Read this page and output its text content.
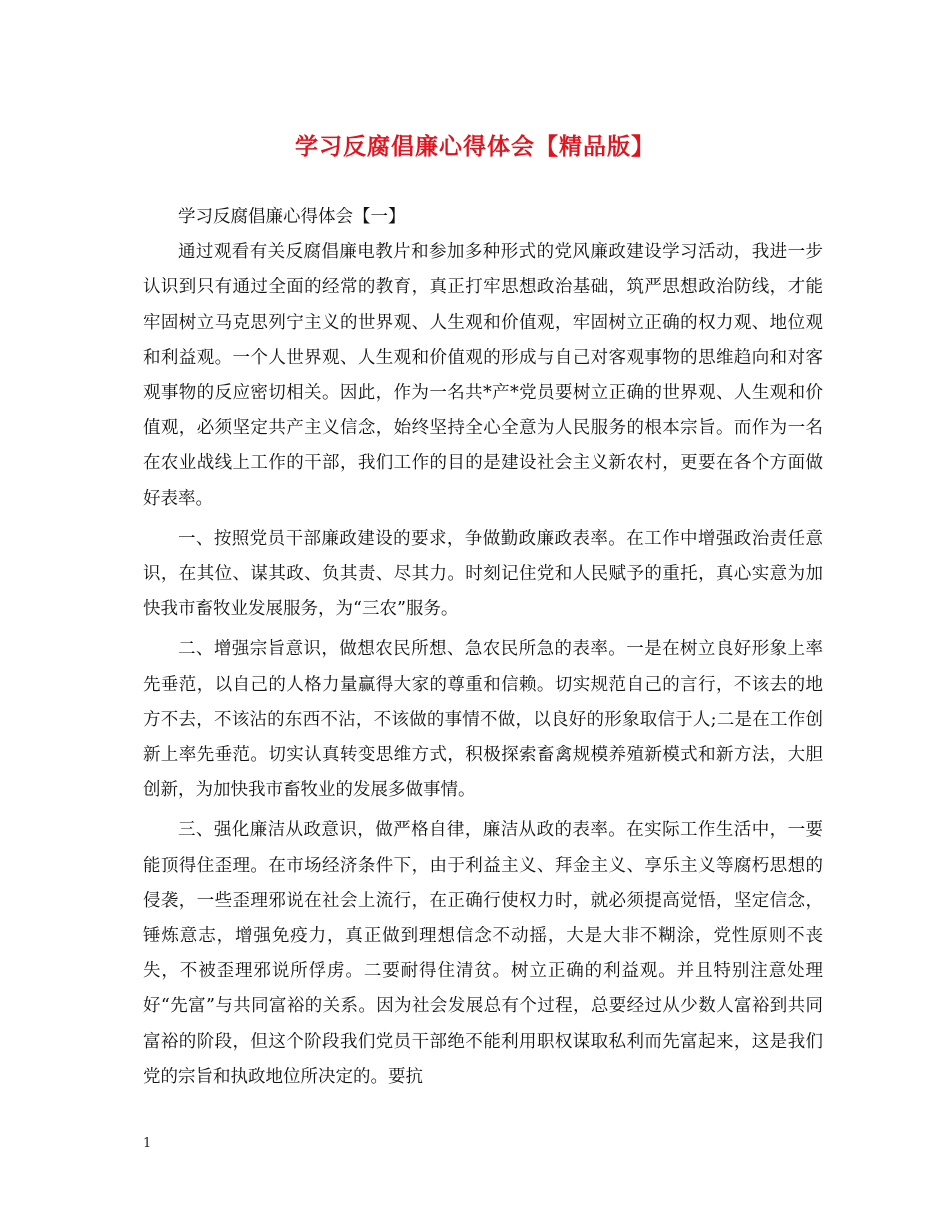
学习反腐倡廉心得体会【精品版】

学习反腐倡廉心得体会【一】

通过观看有关反腐倡廉电教片和参加多种形式的党风廉政建设学习活动，我进一步认识到只有通过全面的经常的教育，真正打牢思想政治基础，筑严思想政治防线，才能牢固树立马克思列宁主义的世界观、人生观和价值观，牢固树立正确的权力观、地位观和利益观。一个人世界观、人生观和价值观的形成与自己对客观事物的思维趋向和对客观事物的反应密切相关。因此，作为一名共*产*党员要树立正确的世界观、人生观和价值观，必须坚定共产主义信念，始终坚持全心全意为人民服务的根本宗旨。而作为一名在农业战线上工作的干部，我们工作的目的是建设社会主义新农村，更要在各个方面做好表率。

一、按照党员干部廉政建设的要求，争做勤政廉政表率。在工作中增强政治责任意识，在其位、谋其政、负其责、尽其力。时刻记住党和人民赋予的重托，真心实意为加快我市畜牧业发展服务，为“三农”服务。

二、增强宗旨意识，做想农民所想、急农民所急的表率。一是在树立良好形象上率先垂范，以自己的人格力量赢得大家的尊重和信赖。切实规范自己的言行，不该去的地方不去，不该沾的东西不沾，不该做的事情不做，以良好的形象取信于人;二是在工作创新上率先垂范。切实认真转变思维方式，积极探索畜禽规模养殖新模式和新方法，大胆创新，为加快我市畜牧业的发展多做事情。

三、强化廉洁从政意识，做严格自律，廉洁从政的表率。在实际工作生活中，一要能顶得住歪理。在市场经济条件下，由于利益主义、拜金主义、享乐主义等腐朽思想的侵袭，一些歪理邪说在社会上流行，在正确行使权力时，就必须提高觉悟，坚定信念，锤炼意志，增强免疫力，真正做到理想信念不动摇，大是大非不糊涂，党性原则不丧失，不被歪理邪说所俘虏。二要耐得住清贫。树立正确的利益观。并且特别注意处理好“先富”与共同富裕的关系。因为社会发展总有个过程，总要经过从少数人富裕到共同富裕的阶段，但这个阶段我们党员干部绝不能利用职权谋取私利而先富起来，这是我们党的宗旨和执政地位所决定的。要抗

1
